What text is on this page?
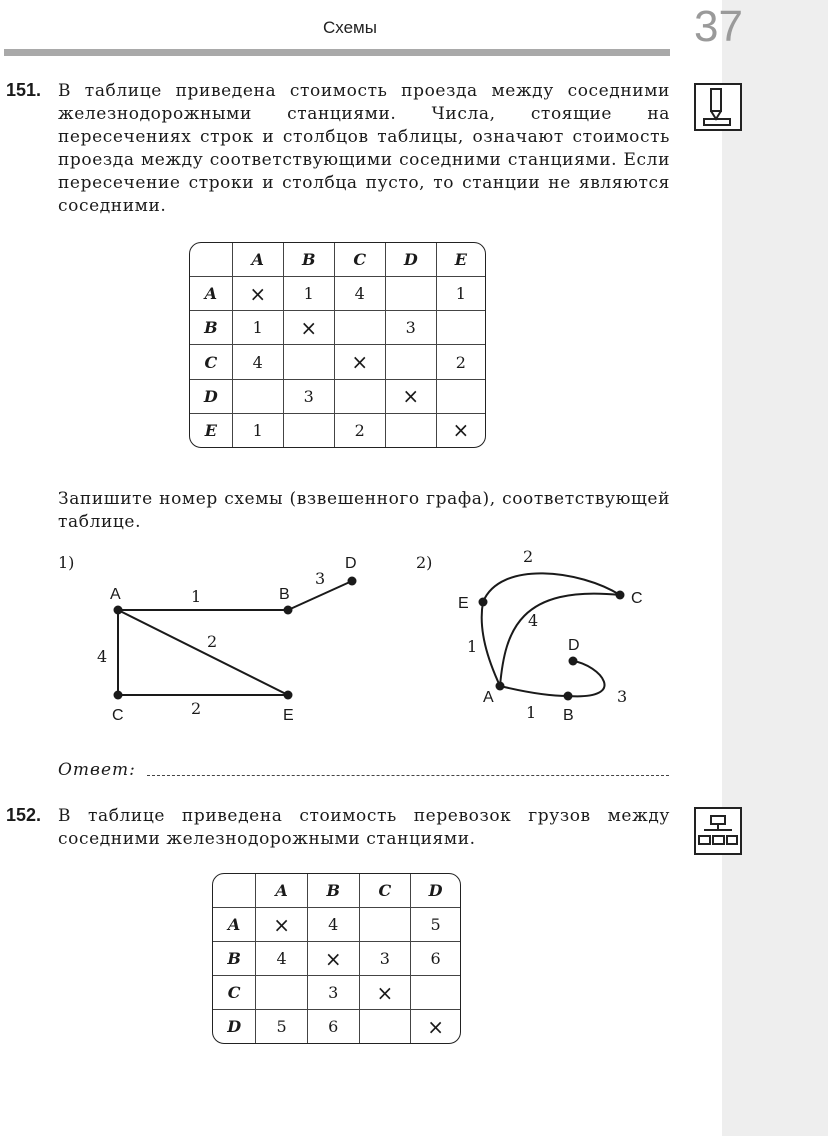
37
Схемы
151. В таблице приведена стоимость проезда между соседними железнодорожными станциями. Числа, стоящие на пересечениях строк и столбцов таблицы, означают стоимость проезда между соответствующими соседними станциями. Если пересечение строки и столбца пусто, то станции не являются соседними.

	A	B	C	D	E
A	×	1	4		1
B	1	×		3	
C	4		×		2
D		3		×	
E	1		2		×

Запишите номер схемы (взвешенного графа), соответствующей таблице.

1)
A	B
D
C	E
1
3
4
2
2
2)
E	C
D
A
B
2
4
1
1
3
Ответ:
152. В таблице приведена стоимость перевозок грузов между соседними железнодорожными станциями.

	A	B	C	D
A	×	4		5
B	4	×	3	6
C		3	×	
D	5	6		×
